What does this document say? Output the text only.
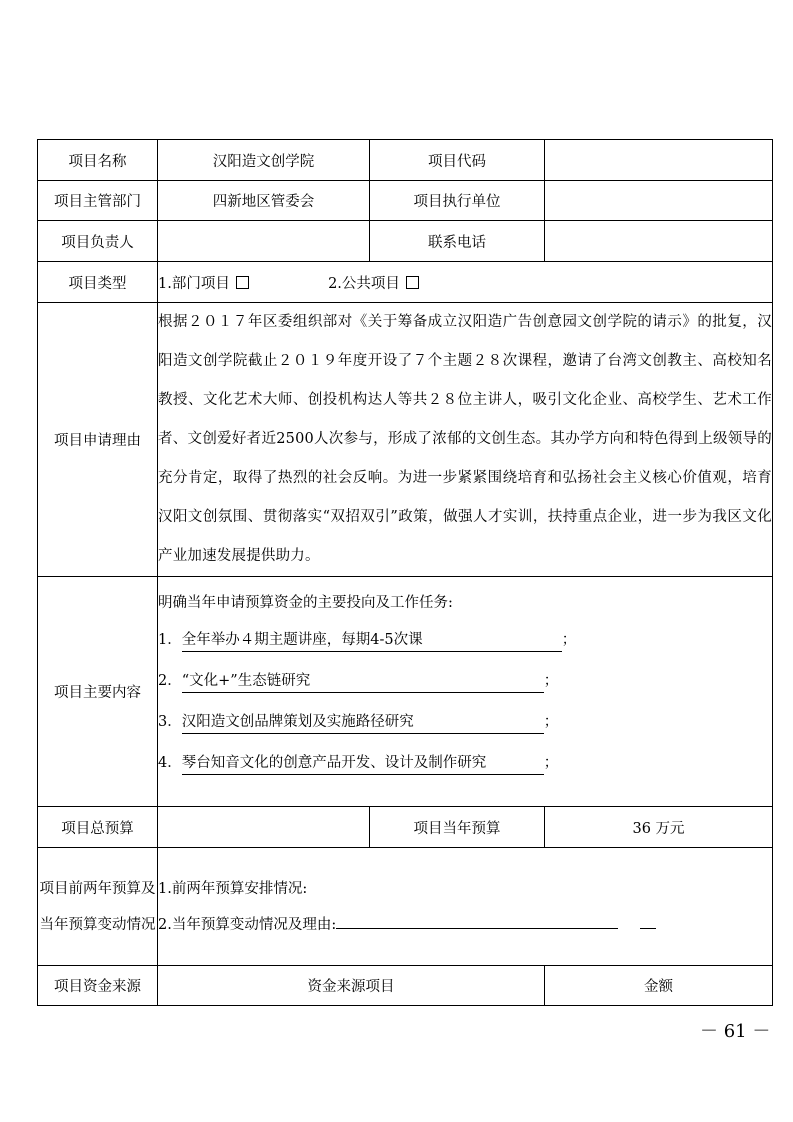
项目名称	汉阳造文创学院	项目代码	
项目主管部门	四新地区管委会	项目执行单位	
项目负责人		联系电话	
项目类型	1.部门项目 2.公共项目		
项目申请理由	根据２０１７年区委组织部对《关于筹备成立汉阳造广告创意园文创学院的请示》的批复，汉阳造文创学院截止２０１９年度开设了７个主题２８次课程，邀请了台湾文创教主、高校知名教授、文化艺术大师、创投机构达人等共２８位主讲人，吸引文化企业、高校学生、艺术工作者、文创爱好者近2500人次参与，形成了浓郁的文创生态。其办学方向和特色得到上级领导的充分肯定，取得了热烈的社会反响。为进一步紧紧围绕培育和弘扬社会主义核心价值观，培育汉阳文创氛围、贯彻落实“双招双引”政策，做强人才实训，扶持重点企业，进一步为我区文化产业加速发展提供助力。		
项目主要内容	明确当年申请预算资金的主要投向及工作任务:
1．全年举办４期主题讲座，每期4-5次课 ；
2．“文化+”生态链研究 ；
3．汉阳造文创品牌策划及实施路径研究 ；
4．琴台知音文化的创意产品开发、设计及制作研究 ；		

项目总预算		项目当年预算	36 万元
项目前两年预算及当年预算变动情况	1.前两年预算安排情况:
2.当年预算变动情况及理由:		

项目资金来源	资金来源项目		金额
－ 61 －
